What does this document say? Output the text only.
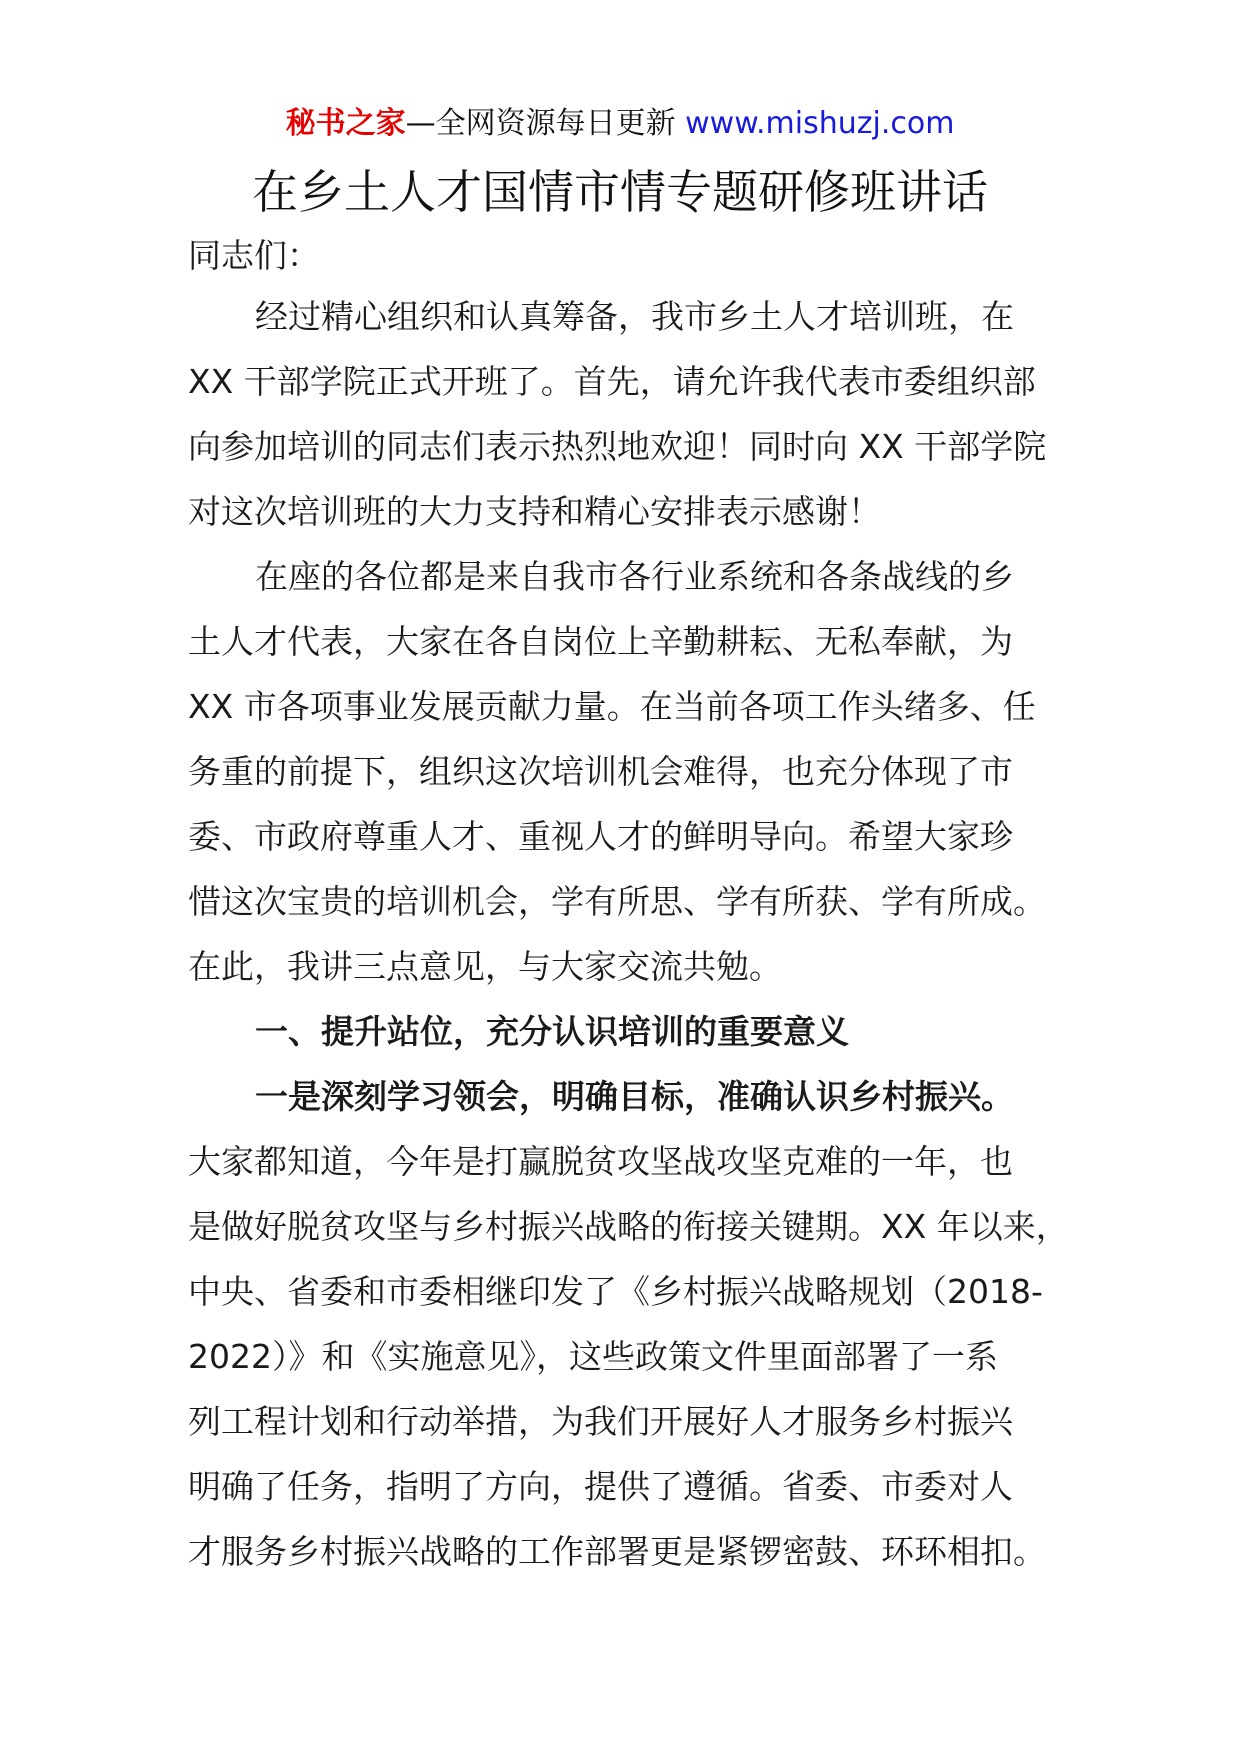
秘书之家—全网资源每日更新 www.mishuzj.com
在乡土人才国情市情专题研修班讲话
同志们：
经过精心组织和认真筹备，我市乡土人才培训班，在
XX 干部学院正式开班了。首先，请允许我代表市委组织部
向参加培训的同志们表示热烈地欢迎！同时向 XX 干部学院
对这次培训班的大力支持和精心安排表示感谢！
在座的各位都是来自我市各行业系统和各条战线的乡
土人才代表，大家在各自岗位上辛勤耕耘、无私奉献，为
XX 市各项事业发展贡献力量。在当前各项工作头绪多、任
务重的前提下，组织这次培训机会难得，也充分体现了市
委、市政府尊重人才、重视人才的鲜明导向。希望大家珍
惜这次宝贵的培训机会，学有所思、学有所获、学有所成。
在此，我讲三点意见，与大家交流共勉。
一、提升站位，充分认识培训的重要意义
一是深刻学习领会，明确目标，准确认识乡村振兴。
大家都知道，今年是打赢脱贫攻坚战攻坚克难的一年，也
是做好脱贫攻坚与乡村振兴战略的衔接关键期。XX 年以来，
中央、省委和市委相继印发了《乡村振兴战略规划（2018-
2022）》和《实施意见》，这些政策文件里面部署了一系
列工程计划和行动举措，为我们开展好人才服务乡村振兴
明确了任务，指明了方向，提供了遵循。省委、市委对人
才服务乡村振兴战略的工作部署更是紧锣密鼓、环环相扣。
